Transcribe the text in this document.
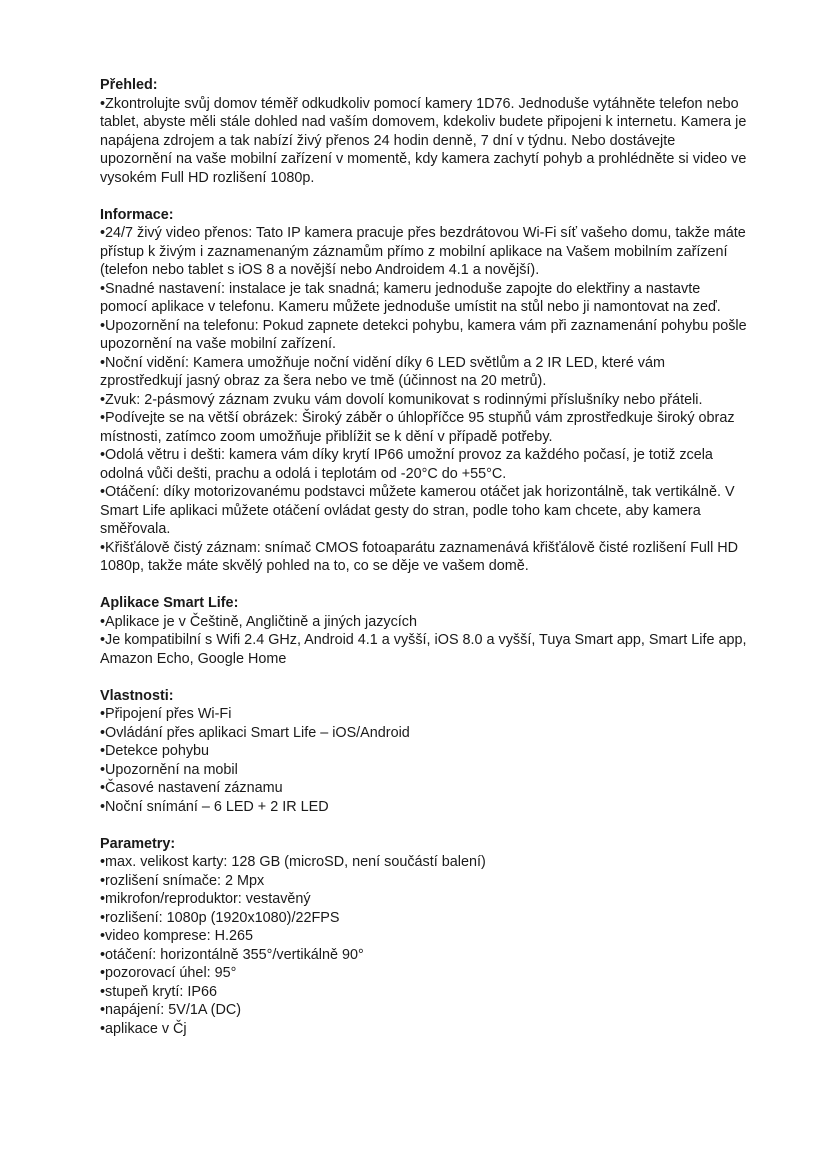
Přehled:
•Zkontrolujte svůj domov téměř odkudkoliv pomocí kamery 1D76. Jednoduše vytáhněte telefon nebo tablet, abyste měli stále dohled nad vaším domovem, kdekoliv budete připojeni k internetu. Kamera je napájena zdrojem a tak nabízí živý přenos 24 hodin denně, 7 dní v týdnu. Nebo dostávejte upozornění na vaše mobilní zařízení v momentě, kdy kamera zachytí pohyb a prohlédněte si video ve vysokém Full HD rozlišení 1080p.
Informace:
•24/7 živý video přenos: Tato IP kamera pracuje přes bezdrátovou Wi-Fi síť vašeho domu, takže máte přístup k živým i zaznamenaným záznamům přímo z mobilní aplikace na Vašem mobilním zařízení (telefon nebo tablet s iOS 8 a novější nebo Androidem 4.1 a novější).
•Snadné nastavení: instalace je tak snadná; kameru jednoduše zapojte do elektřiny a nastavte pomocí aplikace v telefonu. Kameru můžete jednoduše umístit na stůl nebo ji namontovat na zeď.
•Upozornění na telefonu: Pokud zapnete detekci pohybu, kamera vám při zaznamenání pohybu pošle upozornění na vaše mobilní zařízení.
•Noční vidění: Kamera umožňuje noční vidění díky 6 LED světlům a 2 IR LED, které vám zprostředkují jasný obraz za šera nebo ve tmě (účinnost na 20 metrů).
•Zvuk: 2-pásmový záznam zvuku vám dovolí komunikovat s rodinnými příslušníky nebo přáteli.
•Podívejte se na větší obrázek: Široký záběr o úhlopříčce 95 stupňů vám zprostředkuje široký obraz místnosti, zatímco zoom umožňuje přiblížit se k dění v případě potřeby.
•Odolá větru i dešti: kamera vám díky krytí IP66 umožní provoz za každého počasí, je totiž zcela odolná vůči dešti, prachu a odolá i teplotám od -20°C do +55°C.
•Otáčení: díky motorizovanému podstavci můžete kamerou otáčet jak horizontálně, tak vertikálně. V Smart Life aplikaci můžete otáčení ovládat gesty do stran, podle toho kam chcete, aby kamera směřovala.
•Křišťálově čistý záznam: snímač CMOS fotoaparátu zaznamenává křišťálově čisté rozlišení Full HD 1080p, takže máte skvělý pohled na to, co se děje ve vašem domě.
Aplikace Smart Life:
•Aplikace je v Češtině, Angličtině a jiných jazycích
•Je kompatibilní s Wifi 2.4 GHz, Android 4.1 a vyšší, iOS 8.0 a vyšší, Tuya Smart app, Smart Life app, Amazon Echo, Google Home
Vlastnosti:
•Připojení přes Wi-Fi
•Ovládání přes aplikaci Smart Life – iOS/Android
•Detekce pohybu
•Upozornění na mobil
•Časové nastavení záznamu
•Noční snímání – 6 LED + 2 IR LED
Parametry:
•max. velikost karty: 128 GB (microSD, není součástí balení)
•rozlišení snímače: 2 Mpx
•mikrofon/reproduktor: vestavěný
•rozlišení: 1080p (1920x1080)/22FPS
•video komprese: H.265
•otáčení: horizontálně 355°/vertikálně 90°
•pozorovací úhel: 95°
•stupeň krytí: IP66
•napájení: 5V/1A (DC)
•aplikace v Čj
